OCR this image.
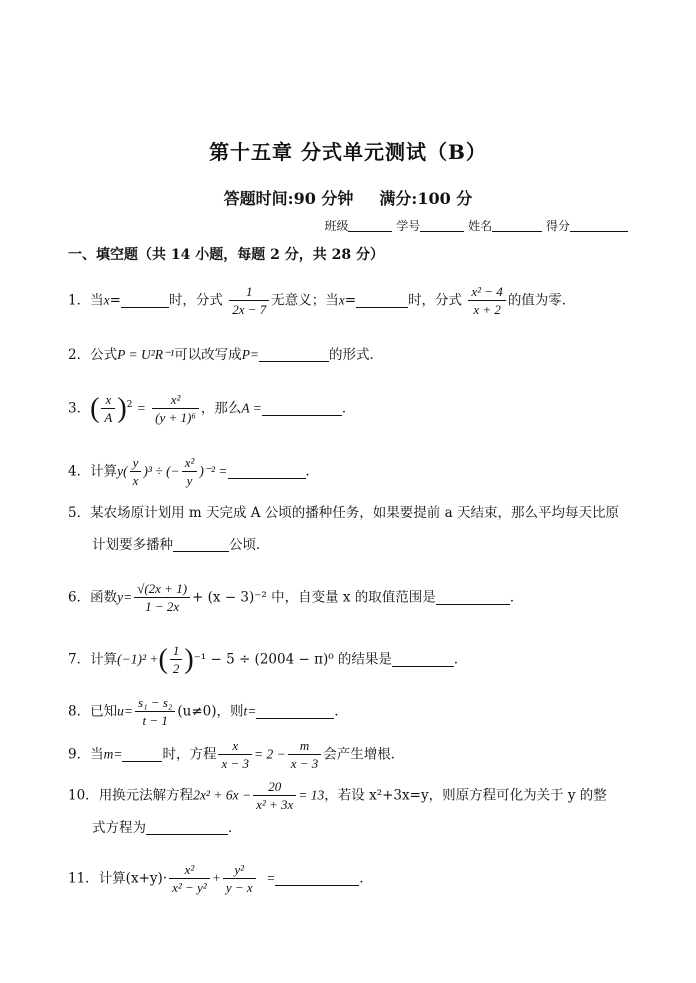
第十五章 分式单元测试（B）
答题时间:90 分钟 满分:100 分
班级	学号	姓名	得分
一、填空题（共 14 小题，每题 2 分，共 28 分）
1．当x=	时，分式 $\frac{1}{2x - 7}$ 无意义；当x=	时，分式 $\frac{\text{x² − 4}}{x + 2}$ 的值为零．
2．公式P = U²R⁻¹可以改写成P=	的形式．
3．( $\frac{x}{A} )^2 = \frac{\text{x²}}{\text{(y + 1)⁶}}$ ，那么A =	．
4．计算$y( \frac{y}{x} )^3$ ÷ (− $\frac{\text{x²}}{y} )^{-2}$ =	．
5．某农场原计划用 m 天完成 A 公顷的播种任务，如果要提前 a 天结束，那么平均每天比原
计划要多播种	公顷．
6．函数$y= \frac{√(2x + 1)}{1 - 2x} + (x - 3)^{-2}$ 中，自变量 x 的取值范围是	．
7．计算(−1)² +( $\frac{1}{2} )^{-1} - 5 \div (2004 - \pi)^0$ 的结果是	．
8．已知$u= \frac{\text{s₁ − s₂}}{t - 1} (u\ne 0)$，则t=	．
9．当m=	时，方程 $\frac{x}{x - 3} = 2 - \frac{m}{x - 3}$ 会产生增根．
10．用换元法解方程$2x^2 + 6x - \frac{20}{\text{x² + 3x}} = 13$，若设 x²+3x=y，则原方程可化为关于 y 的整
式方程为	．
11．计算$(x+y)\cdot \frac{\text{x²}}{\text{x² − y²}} + \frac{\text{y²}}{y - x}$ =	．
